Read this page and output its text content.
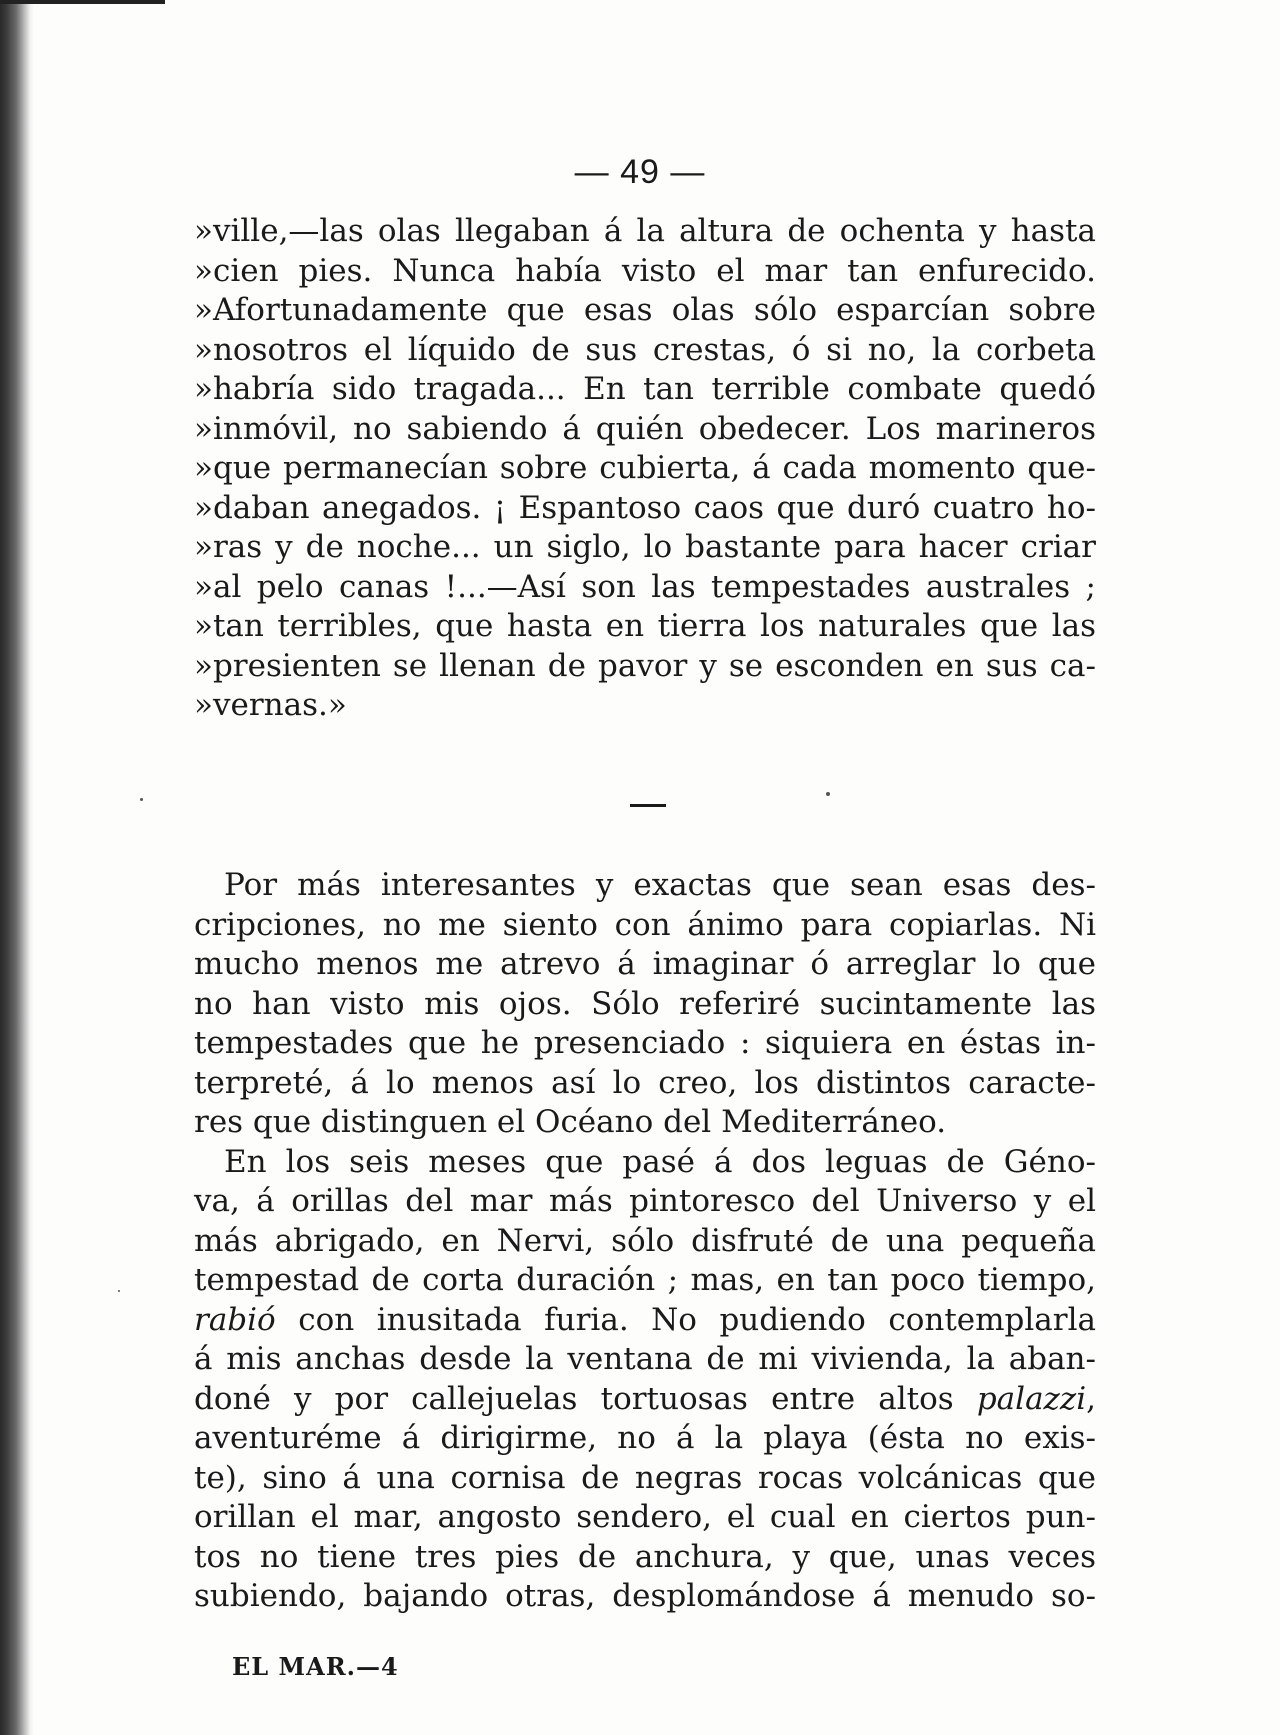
— 49 —
»ville,—las olas llegaban á la altura de ochenta y hasta
»cien pies. Nunca había visto el mar tan enfurecido.
»Afortunadamente que esas olas sólo esparcían sobre
»nosotros el líquido de sus crestas, ó si no, la corbeta
»habría sido tragada... En tan terrible combate quedó
»inmóvil, no sabiendo á quién obedecer. Los marineros
»que permanecían sobre cubierta, á cada momento que-
»daban anegados. ¡ Espantoso caos que duró cuatro ho-
»ras y de noche... un siglo, lo bastante para hacer criar
»al pelo canas !...—Así son las tempestades australes ;
»tan terribles, que hasta en tierra los naturales que las
»presienten se llenan de pavor y se esconden en sus ca-
»vernas.»
Por más interesantes y exactas que sean esas des-
cripciones, no me siento con ánimo para copiarlas. Ni
mucho menos me atrevo á imaginar ó arreglar lo que
no han visto mis ojos. Sólo referiré sucintamente las
tempestades que he presenciado : siquiera en éstas in-
terpreté, á lo menos así lo creo, los distintos caracte-
res que distinguen el Océano del Mediterráneo.
En los seis meses que pasé á dos leguas de Géno-
va, á orillas del mar más pintoresco del Universo y el
más abrigado, en Nervi, sólo disfruté de una pequeña
tempestad de corta duración ; mas, en tan poco tiempo,
rabió con inusitada furia. No pudiendo contemplarla
á mis anchas desde la ventana de mi vivienda, la aban-
doné y por callejuelas tortuosas entre altos palazzi,
aventuréme á dirigirme, no á la playa (ésta no exis-
te), sino á una cornisa de negras rocas volcánicas que
orillan el mar, angosto sendero, el cual en ciertos pun-
tos no tiene tres pies de anchura, y que, unas veces
subiendo, bajando otras, desplomándose á menudo so-
EL MAR.—4
